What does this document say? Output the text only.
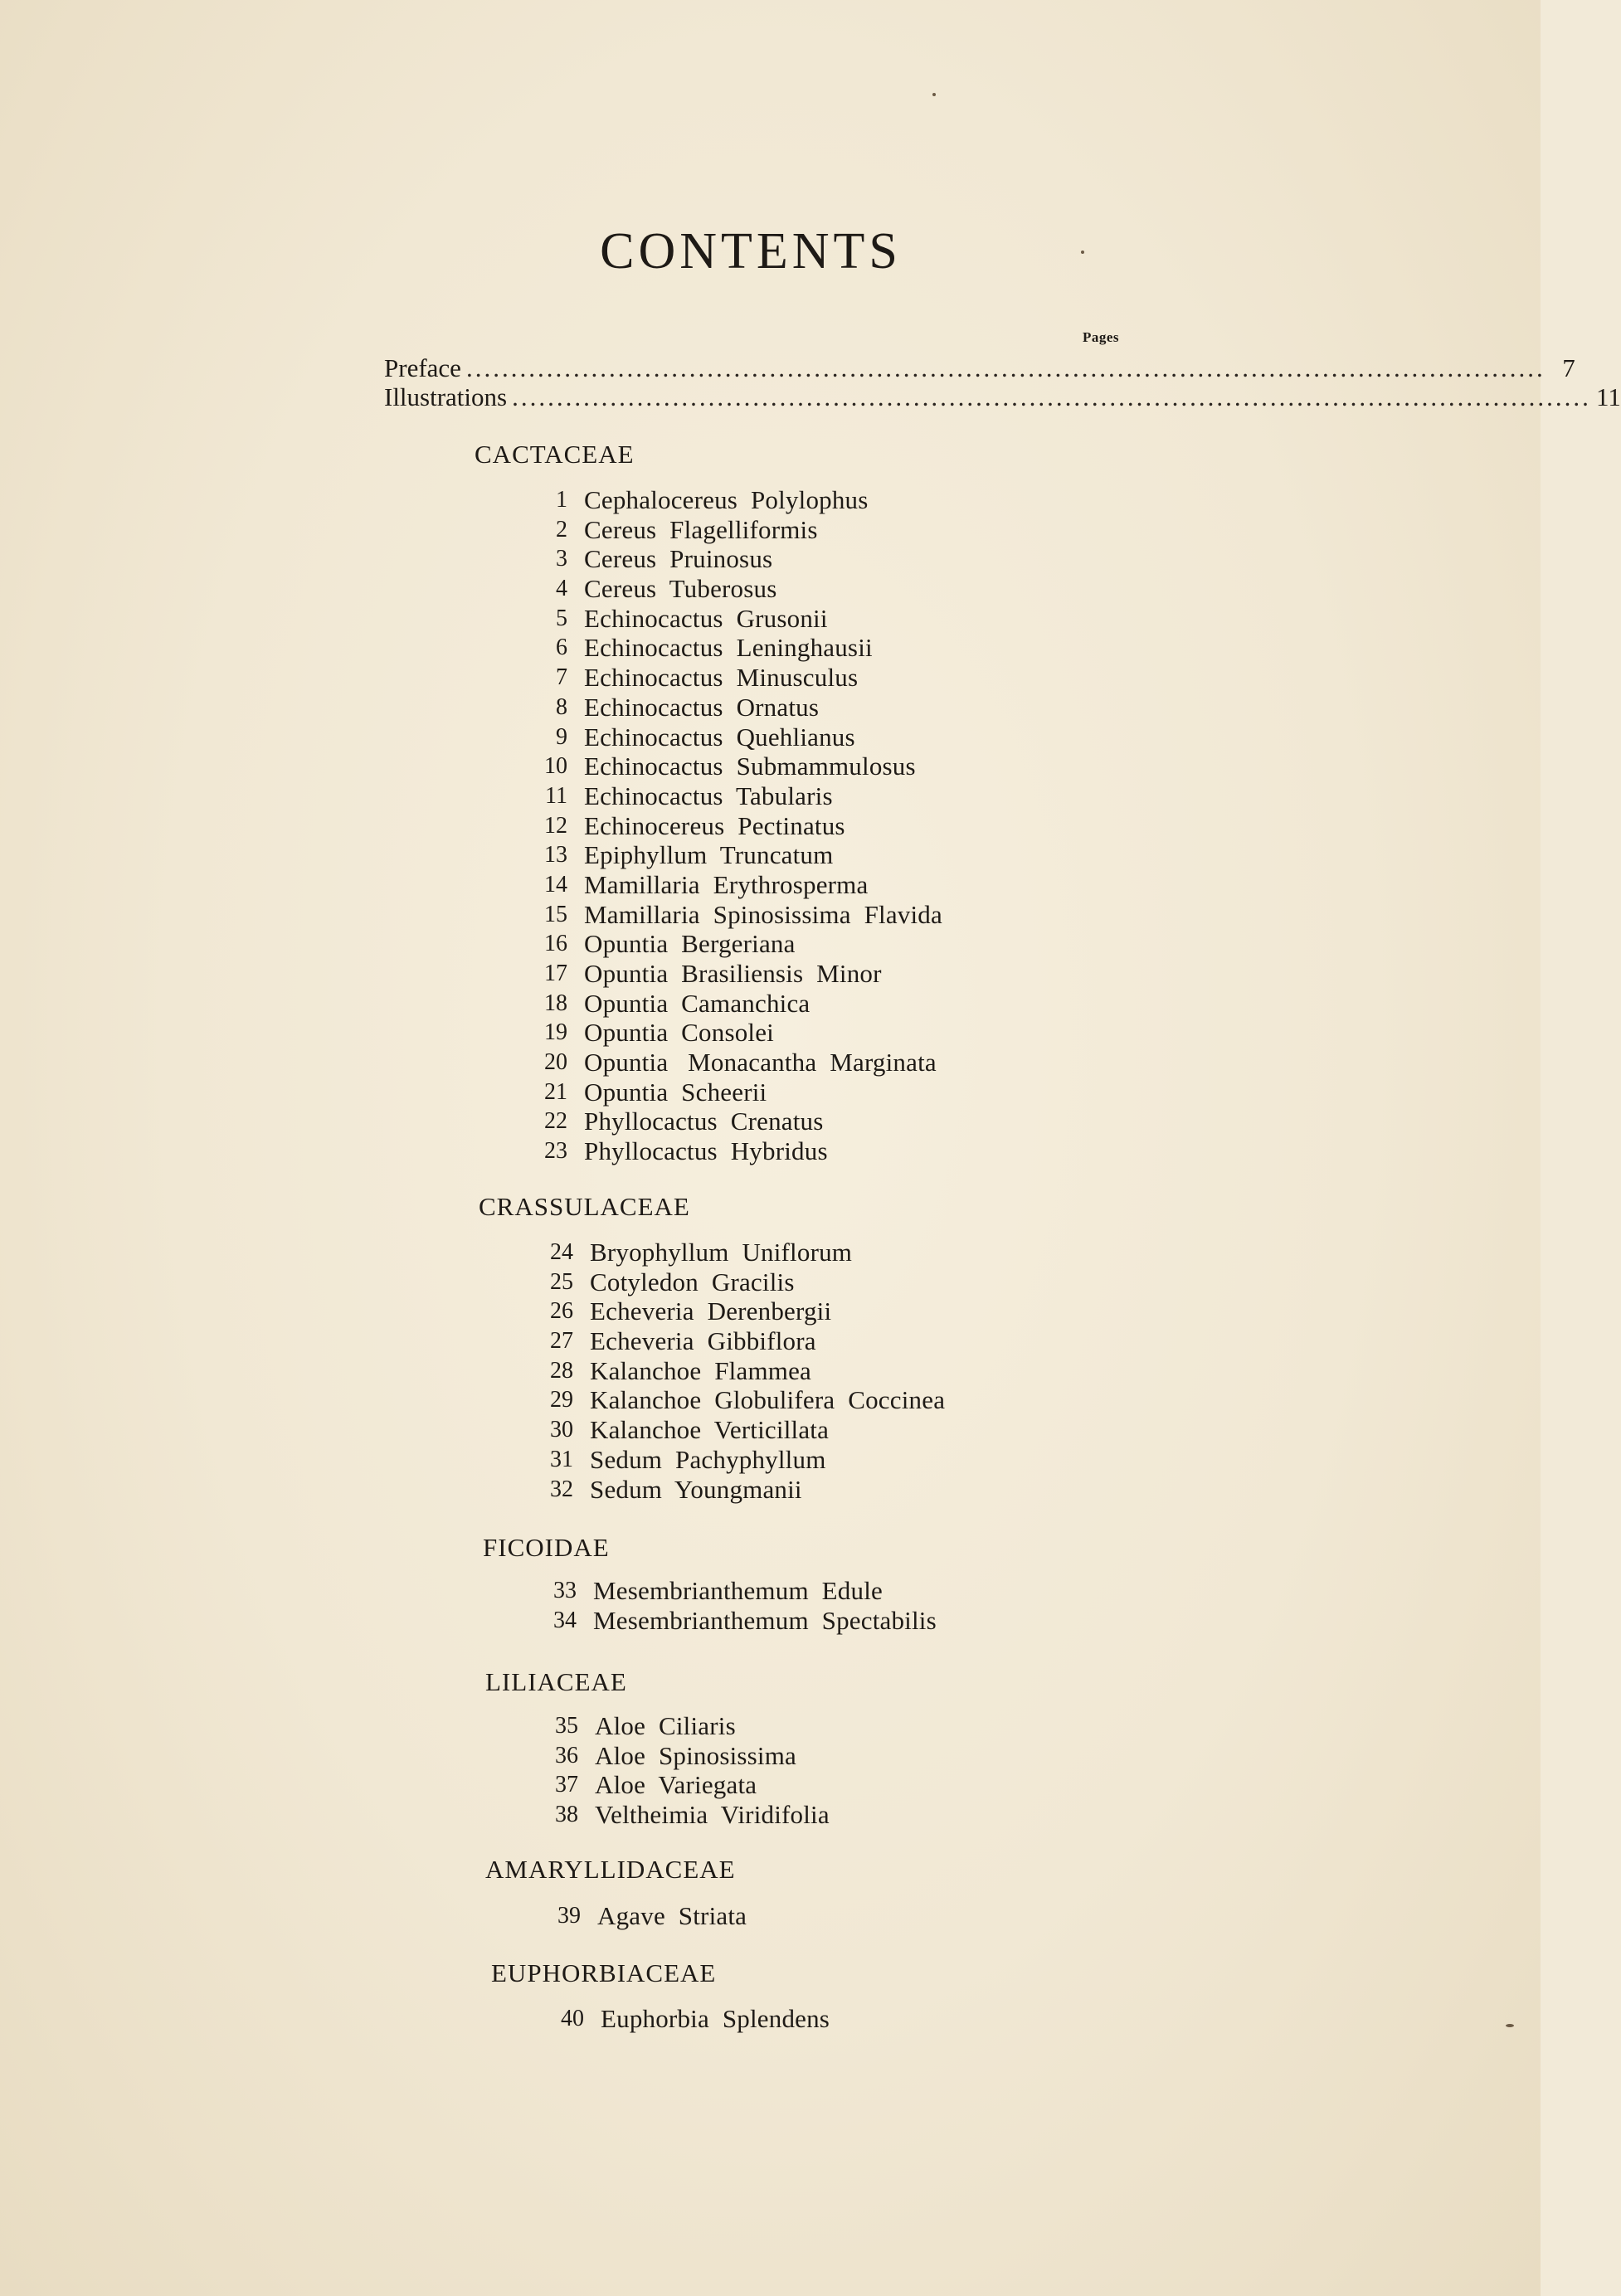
CONTENTS
Pages
Preface ......................................................................................................................... 7
Illustrations ......................................................................................................................... 11
CACTACEAE
1 Cephalocereus  Polylophus
2 Cereus  Flagelliformis
3 Cereus  Pruinosus
4 Cereus  Tuberosus
5 Echinocactus  Grusonii
6 Echinocactus  Leninghausii
7 Echinocactus  Minusculus
8 Echinocactus  Ornatus
9 Echinocactus  Quehlianus
10 Echinocactus  Submammulosus
11 Echinocactus  Tabularis
12 Echinocereus  Pectinatus
13 Epiphyllum  Truncatum
14 Mamillaria  Erythrosperma
15 Mamillaria  Spinosissima  Flavida
16 Opuntia  Bergeriana
17 Opuntia  Brasiliensis  Minor
18 Opuntia  Camanchica
19 Opuntia  Consolei
20 Opuntia   Monacantha  Marginata
21 Opuntia  Scheerii
22 Phyllocactus  Crenatus
23 Phyllocactus  Hybridus
CRASSULACEAE
24 Bryophyllum  Uniflorum
25 Cotyledon  Gracilis
26 Echeveria  Derenbergii
27 Echeveria  Gibbiflora
28 Kalanchoe  Flammea
29 Kalanchoe  Globulifera  Coccinea
30 Kalanchoe  Verticillata
31 Sedum  Pachyphyllum
32 Sedum  Youngmanii
FICOIDAE
33 Mesembrianthemum  Edule
34 Mesembrianthemum  Spectabilis
LILIACEAE
35 Aloe  Ciliaris
36 Aloe  Spinosissima
37 Aloe  Variegata
38 Veltheimia  Viridifolia
AMARYLLIDACEAE
39 Agave  Striata
EUPHORBIACEAE
40 Euphorbia  Splendens
